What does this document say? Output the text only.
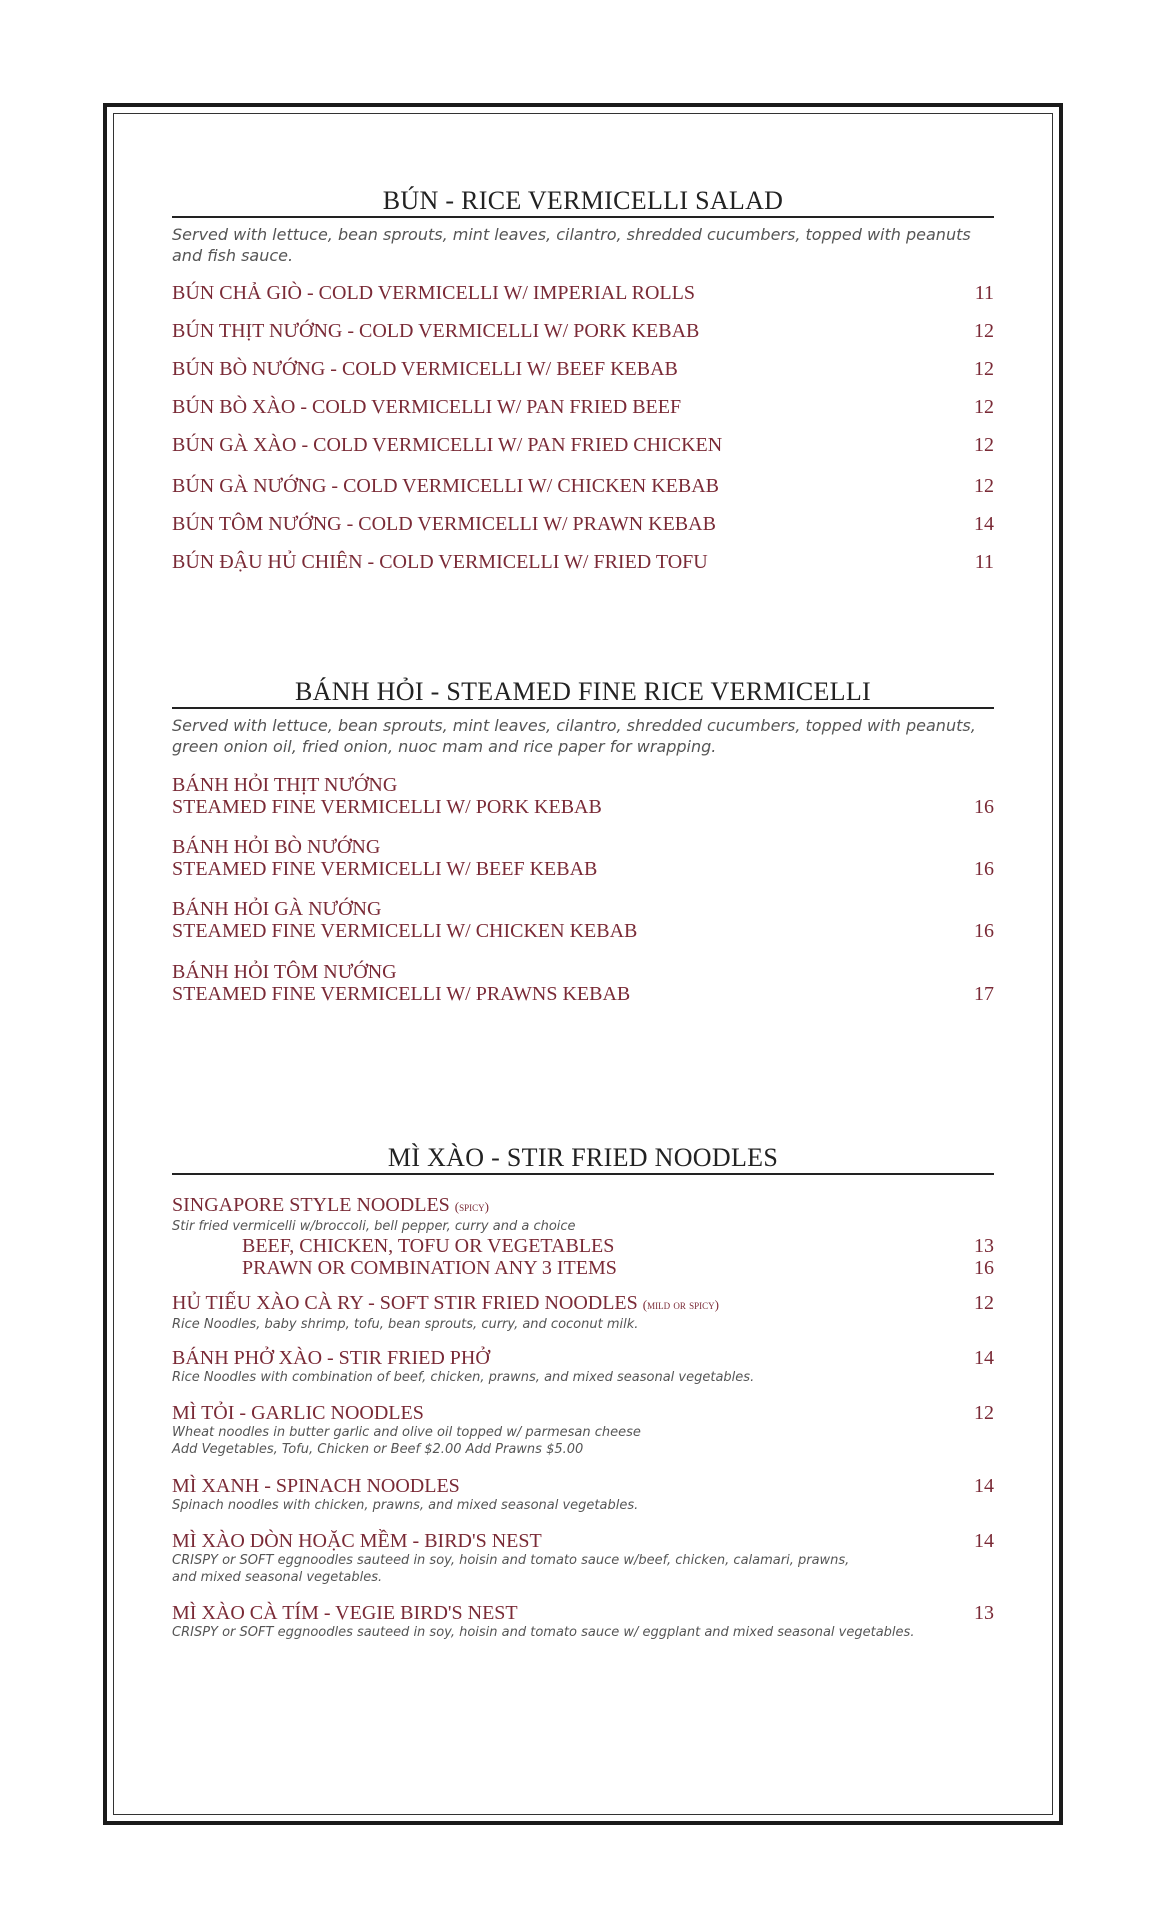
BÚN - RICE VERMICELLI SALAD
Served with lettuce, bean sprouts, mint leaves, cilantro, shredded cucumbers, topped with peanuts and fish sauce.
BÚN CHẢ GIÒ - COLD VERMICELLI W/ IMPERIAL ROLLS	11
BÚN THỊT NƯỚNG - COLD VERMICELLI W/ PORK KEBAB	12
BÚN BÒ NƯỚNG - COLD VERMICELLI W/ BEEF KEBAB	12
BÚN BÒ XÀO - COLD VERMICELLI W/ PAN FRIED BEEF	12
BÚN GÀ XÀO - COLD VERMICELLI W/ PAN FRIED CHICKEN	12
BÚN GÀ NƯỚNG - COLD VERMICELLI W/ CHICKEN KEBAB	12
BÚN TÔM NƯỚNG - COLD VERMICELLI W/ PRAWN KEBAB	14
BÚN ĐẬU HỦ CHIÊN - COLD VERMICELLI W/ FRIED TOFU	11
BÁNH HỎI - STEAMED FINE RICE VERMICELLI
Served with lettuce, bean sprouts, mint leaves, cilantro, shredded cucumbers, topped with peanuts, green onion oil, fried onion, nuoc mam and rice paper for wrapping.
BÁNH HỎI THỊT NƯỚNG
STEAMED FINE VERMICELLI W/ PORK KEBAB	16
BÁNH HỎI BÒ NƯỚNG
STEAMED FINE VERMICELLI W/ BEEF KEBAB	16
BÁNH HỎI GÀ NƯỚNG
STEAMED FINE VERMICELLI W/ CHICKEN KEBAB	16
BÁNH HỎI TÔM NƯỚNG
STEAMED FINE VERMICELLI W/ PRAWNS KEBAB	17
MÌ XÀO - STIR FRIED NOODLES
SINGAPORE STYLE NOODLES (spicy)
Stir fried vermicelli w/broccoli, bell pepper, curry and a choice
BEEF, CHICKEN, TOFU OR VEGETABLES	13
PRAWN OR COMBINATION ANY 3 ITEMS	16
HỦ TIẾU XÀO CÀ RY - SOFT STIR FRIED NOODLES (mild or spicy)	12
Rice Noodles, baby shrimp, tofu, bean sprouts, curry, and coconut milk.
BÁNH PHỞ XÀO - STIR FRIED PHỞ	14
Rice Noodles with combination of beef, chicken, prawns, and mixed seasonal vegetables.
MÌ TỎI - GARLIC NOODLES	12
Wheat noodles in butter garlic and olive oil topped w/ parmesan cheese
Add Vegetables, Tofu, Chicken or Beef $2.00 Add Prawns $5.00
MÌ XANH - SPINACH NOODLES	14
Spinach noodles with chicken, prawns, and mixed seasonal vegetables.
MÌ XÀO DÒN HOẶC MỀM - BIRD'S NEST	14
CRISPY or SOFT eggnoodles sauteed in soy, hoisin and tomato sauce w/beef, chicken, calamari, prawns,
and mixed seasonal vegetables.
MÌ XÀO CÀ TÍM - VEGIE BIRD'S NEST	13
CRISPY or SOFT eggnoodles sauteed in soy, hoisin and tomato sauce w/ eggplant and mixed seasonal vegetables.
